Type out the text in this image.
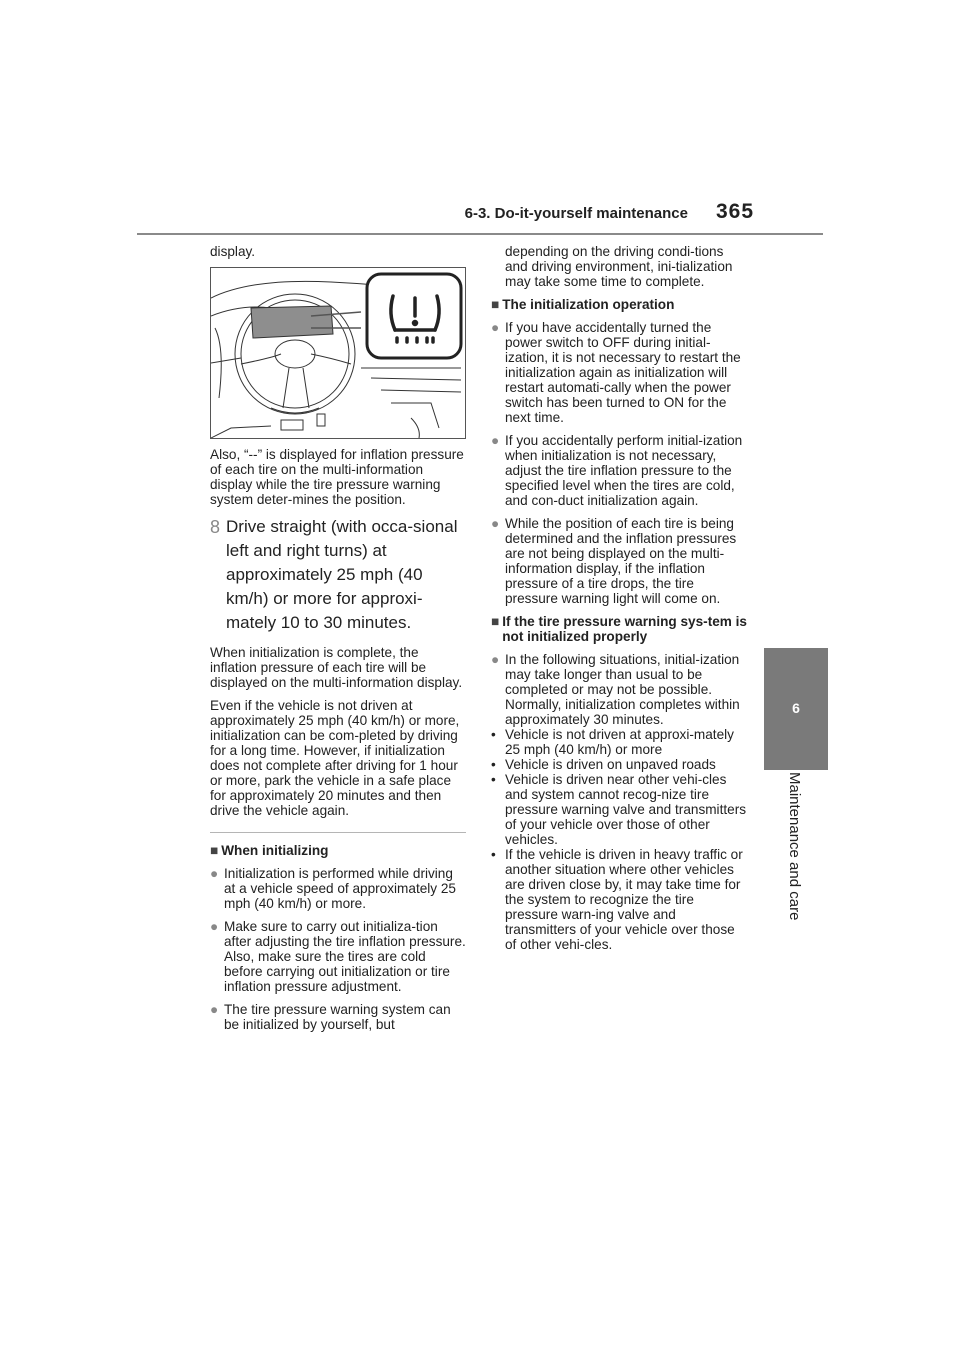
6-3. Do-it-yourself maintenance 365
6
Maintenance and care

display.

Also, “--” is displayed for inflation pressure of each tire on the multi-information display while the tire pressure warning system deter-mines the position.

8 Drive straight (with occa-sional left and right turns) at approximately 25 mph (40 km/h) or more for approxi-mately 10 to 30 minutes.

When initialization is complete, the inflation pressure of each tire will be displayed on the multi-information display.

Even if the vehicle is not driven at approximately 25 mph (40 km/h) or more, initialization can be com-pleted by driving for a long time. However, if initialization does not complete after driving for 1 hour or more, park the vehicle in a safe place for approximately 20 minutes and then drive the vehicle again.

■ When initializing
● Initialization is performed while driving at a vehicle speed of approximately 25 mph (40 km/h) or more.
● Make sure to carry out initializa-tion after adjusting the tire inflation pressure.
Also, make sure the tires are cold before carrying out initialization or tire inflation pressure adjustment.
● The tire pressure warning system can be initialized by yourself, but
depending on the driving condi-tions and driving environment, ini-tialization may take some time to complete.
■ The initialization operation
● If you have accidentally turned the power switch to OFF during initial-ization, it is not necessary to restart the initialization again as initialization will restart automati-cally when the power switch has been turned to ON for the next time.
● If you accidentally perform initial-ization when initialization is not necessary, adjust the tire inflation pressure to the specified level when the tires are cold, and con-duct initialization again.
● While the position of each tire is being determined and the inflation pressures are not being displayed on the multi-information display, if the inflation pressure of a tire drops, the tire pressure warning light will come on.
■ If the tire pressure warning sys-tem is not initialized properly
● In the following situations, initial-ization may take longer than usual to be completed or may not be possible. Normally, initialization completes within approximately 30 minutes.
• Vehicle is not driven at approxi-mately 25 mph (40 km/h) or more
• Vehicle is driven on unpaved roads
• Vehicle is driven near other vehi-cles and system cannot recog-nize tire pressure warning valve and transmitters of your vehicle over those of other vehicles.
• If the vehicle is driven in heavy traffic or another situation where other vehicles are driven close by, it may take time for the system to recognize the tire pressure warn-ing valve and transmitters of your vehicle over those of other vehi-cles.
